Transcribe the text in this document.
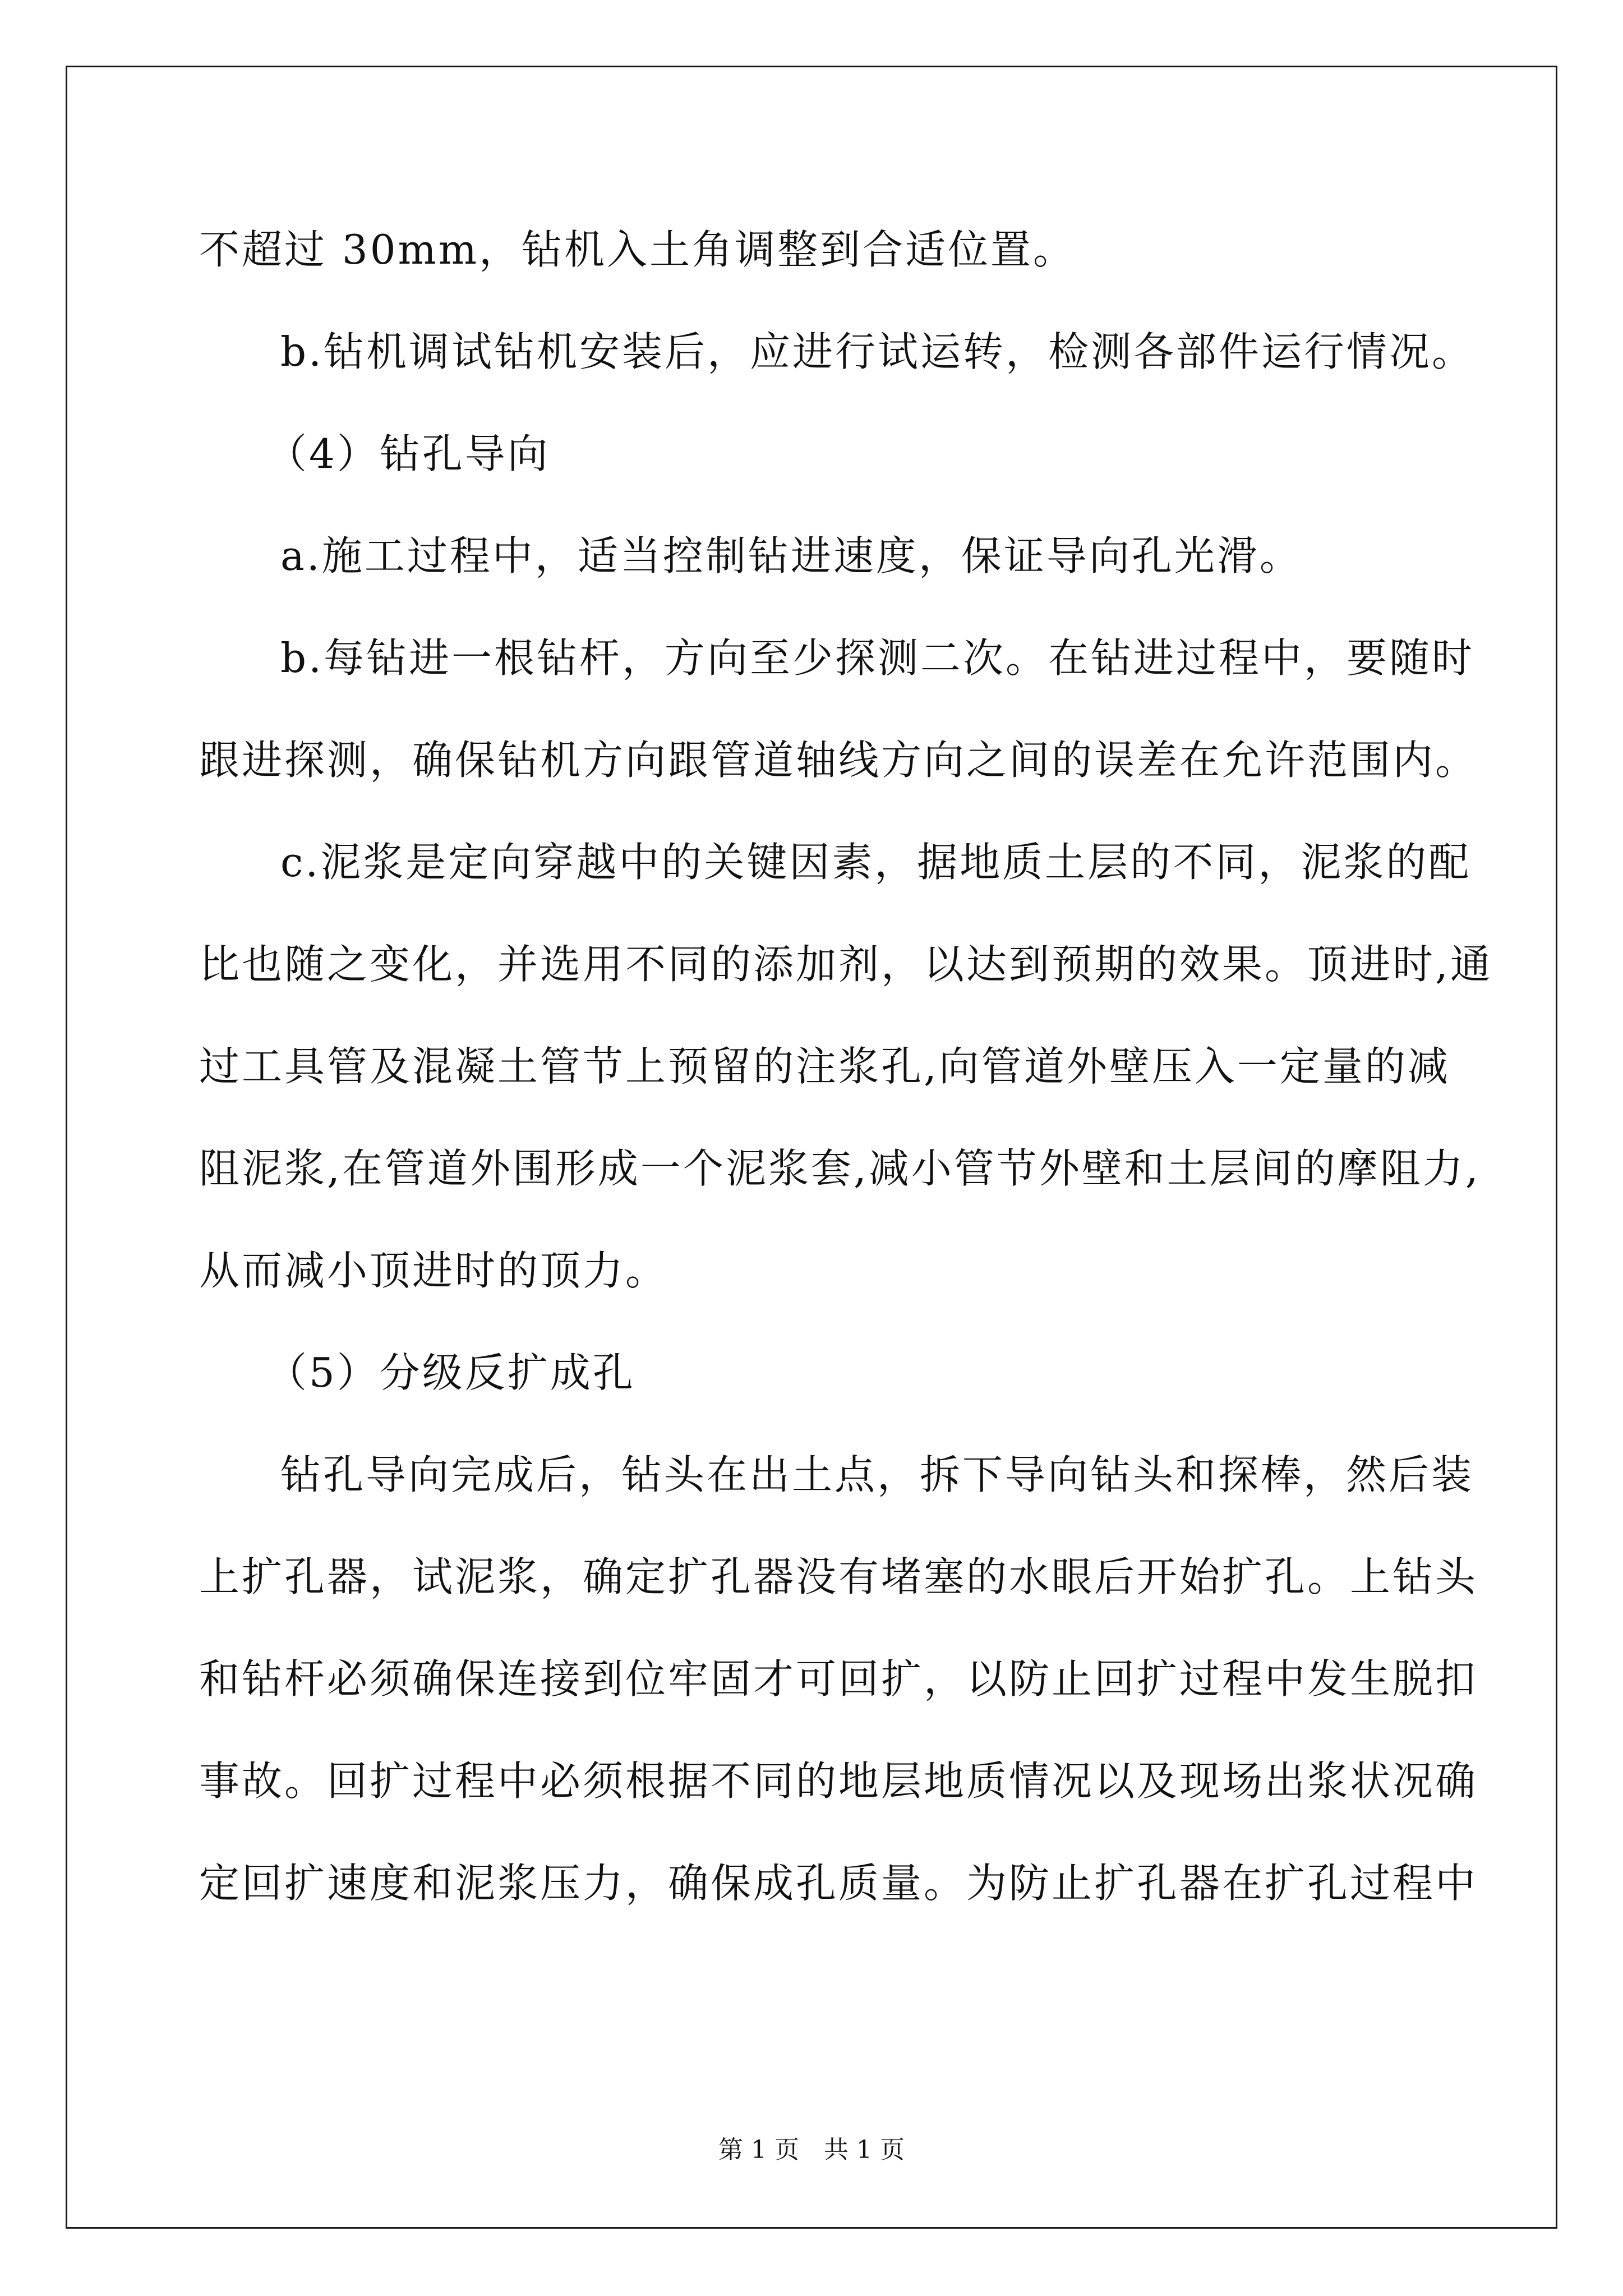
不超过 30mm，钻机入土角调整到合适位置。
b.钻机调试钻机安装后，应进行试运转，检测各部件运行情况。
（4）钻孔导向
a.施工过程中，适当控制钻进速度，保证导向孔光滑。
b.每钻进一根钻杆，方向至少探测二次。在钻进过程中，要随时
跟进探测，确保钻机方向跟管道轴线方向之间的误差在允许范围内。
c.泥浆是定向穿越中的关键因素，据地质土层的不同，泥浆的配
比也随之变化，并选用不同的添加剂，以达到预期的效果。顶进时,通
过工具管及混凝土管节上预留的注浆孔,向管道外壁压入一定量的减
阻泥浆,在管道外围形成一个泥浆套,减小管节外壁和土层间的摩阻力,
从而减小顶进时的顶力。
（5）分级反扩成孔
钻孔导向完成后，钻头在出土点，拆下导向钻头和探棒，然后装
上扩孔器，试泥浆，确定扩孔器没有堵塞的水眼后开始扩孔。上钻头
和钻杆必须确保连接到位牢固才可回扩，以防止回扩过程中发生脱扣
事故。回扩过程中必须根据不同的地层地质情况以及现场出浆状况确
定回扩速度和泥浆压力，确保成孔质量。为防止扩孔器在扩孔过程中
第 1 页　共 1 页
